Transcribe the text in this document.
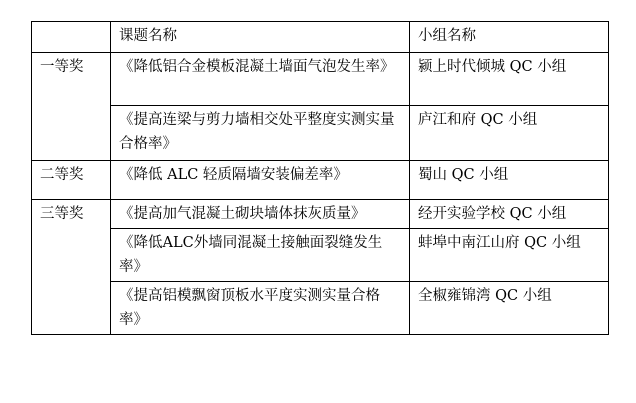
	课题名称	小组名称
一等奖	《降低铝合金模板混凝土墙面气泡发生率》	颍上时代倾城 QC 小组
	《提高连梁与剪力墙相交处平整度实测实量合格率》	庐江和府 QC 小组
二等奖	《降低 ALC 轻质隔墙安装偏差率》	蜀山 QC 小组
三等奖	《提高加气混凝土砌块墙体抹灰质量》	经开实验学校 QC 小组
	《降低ALC外墙同混凝土接触面裂缝发生率》	蚌埠中南江山府 QC 小组
	《提高铝模飘窗顶板水平度实测实量合格率》	全椒雍锦湾 QC 小组
